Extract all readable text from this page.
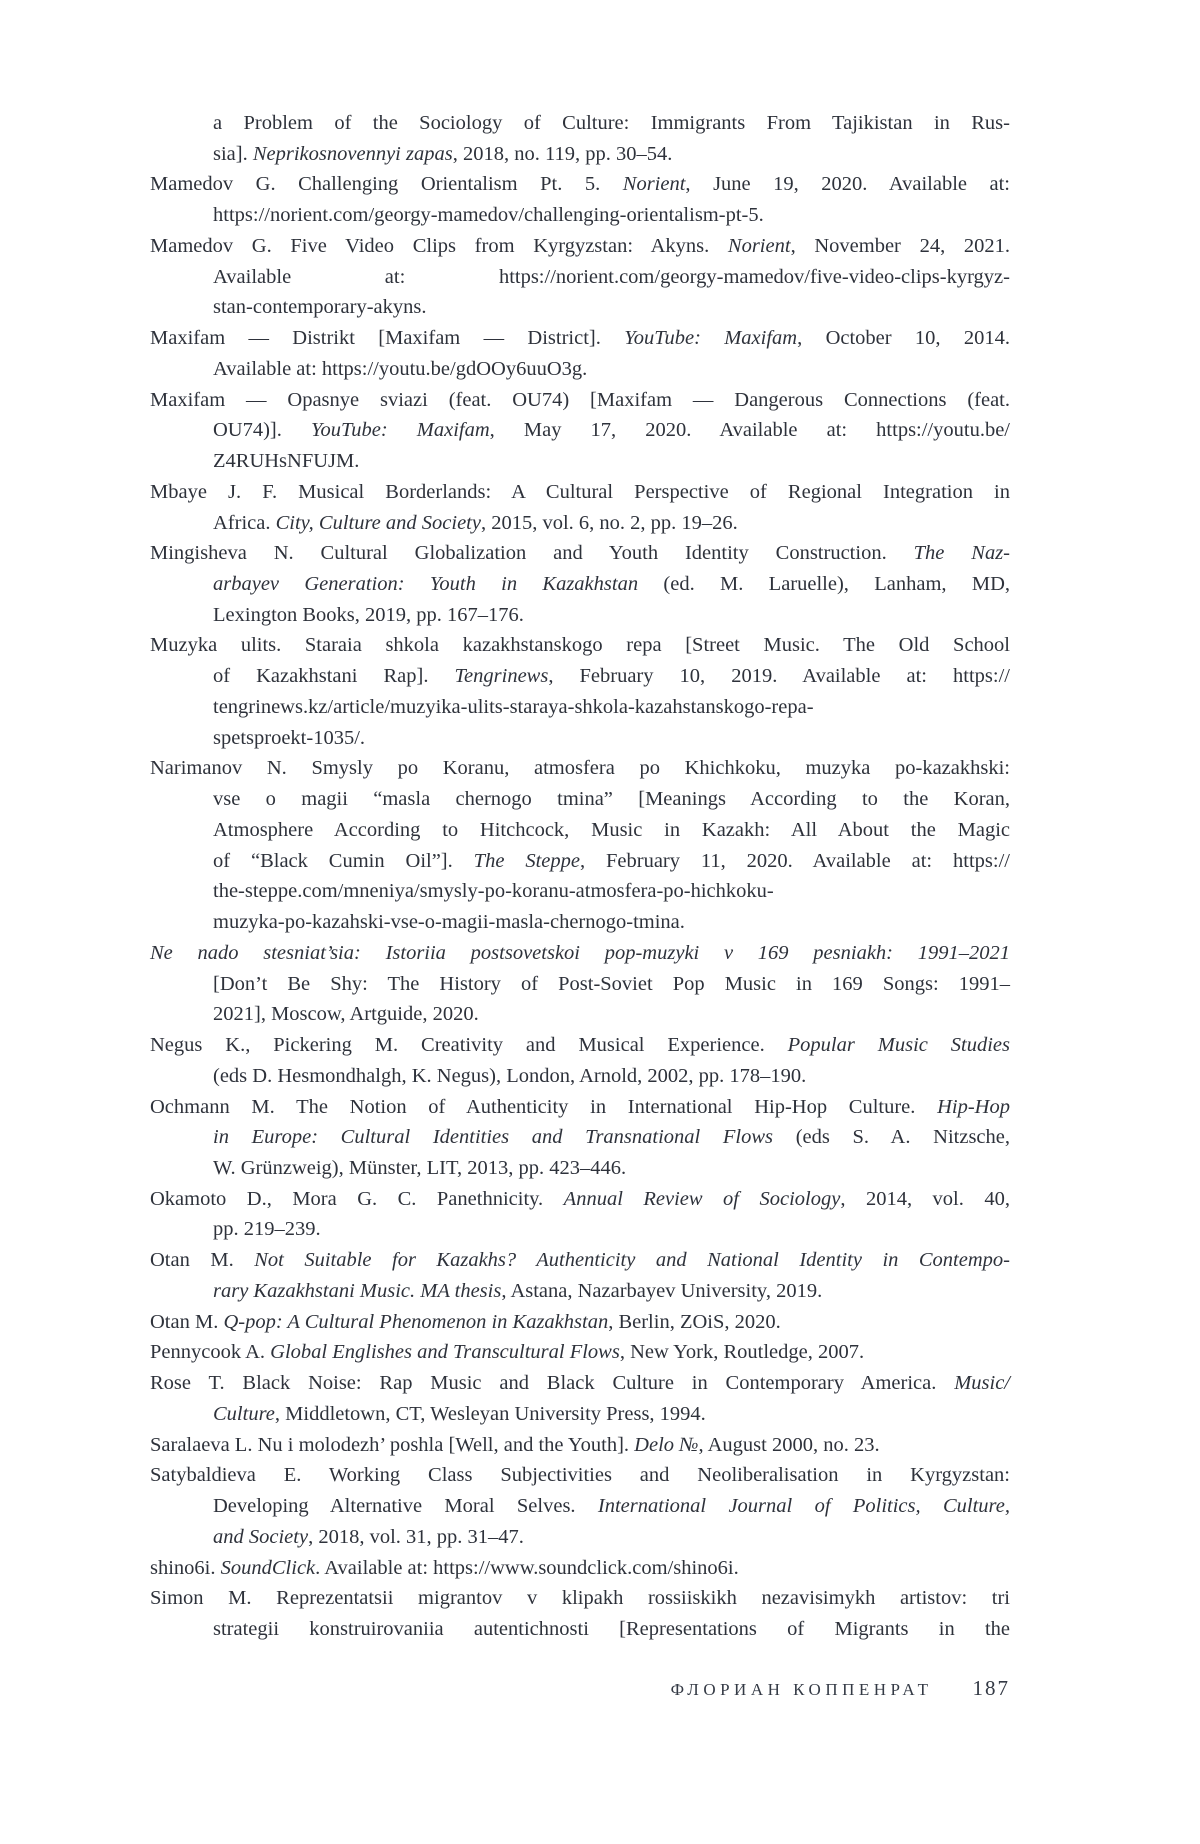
a Problem of the Sociology of Culture: Immigrants From Tajikistan in Rus-
sia]. Neprikosnovennyi zapas, 2018, no. 119, pp. 30–54.

Mamedov G. Challenging Orientalism Pt. 5. Norient, June 19, 2020. Available at:
https://norient.com/georgy-mamedov/challenging-orientalism-pt-5.

Mamedov G. Five Video Clips from Kyrgyzstan: Akyns. Norient, November 24, 2021.
Available at: https://norient.com/georgy-mamedov/five-video-clips-kyrgyz-
stan-contemporary-akyns.

Maxifam — Distrikt [Maxifam — District]. YouTube: Maxifam, October 10, 2014.
Available at: https://youtu.be/gdOOy6uuO3g.

Maxifam — Opasnye sviazi (feat. OU74) [Maxifam — Dangerous Connections (feat.
OU74)]. YouTube: Maxifam, May 17, 2020. Available at: https://youtu.be/
Z4RUHsNFUJM.

Mbaye J. F. Musical Borderlands: A Cultural Perspective of Regional Integration in
Africa. City, Culture and Society, 2015, vol. 6, no. 2, pp. 19–26.

Mingisheva N. Cultural Globalization and Youth Identity Construction. The Naz-
arbayev Generation: Youth in Kazakhstan (ed. M. Laruelle), Lanham, MD,
Lexington Books, 2019, pp. 167–176.

Muzyka ulits. Staraia shkola kazakhstanskogo repa [Street Music. The Old School
of Kazakhstani Rap]. Tengrinews, February 10, 2019. Available at: https://
tengrinews.kz/article/muzyika-ulits-staraya-shkola-kazahstanskogo-repa-
spetsproekt-1035/.

Narimanov N. Smysly po Koranu, atmosfera po Khichkoku, muzyka po-kazakhski:
vse o magii “masla chernogo tmina” [Meanings According to the Koran,
Atmosphere According to Hitchcock, Music in Kazakh: All About the Magic
of “Black Cumin Oil”]. The Steppe, February 11, 2020. Available at: https://
the-steppe.com/mneniya/smysly-po-koranu-atmosfera-po-hichkoku-
muzyka-po-kazahski-vse-o-magii-masla-chernogo-tmina.

Ne nado stesniat’sia: Istoriia postsovetskoi pop-muzyki v 169 pesniakh: 1991–2021
[Don’t Be Shy: The History of Post-Soviet Pop Music in 169 Songs: 1991–
2021], Moscow, Artguide, 2020.

Negus K., Pickering M. Creativity and Musical Experience. Popular Music Studies
(eds D. Hesmondhalgh, K. Negus), London, Arnold, 2002, pp. 178–190.

Ochmann M. The Notion of Authenticity in International Hip-Hop Culture. Hip-Hop
in Europe: Cultural Identities and Transnational Flows (eds S. A. Nitzsche,
W. Grünzweig), Münster, LIT, 2013, pp. 423–446.

Okamoto D., Mora G. C. Panethnicity. Annual Review of Sociology, 2014, vol. 40,
pp. 219–239.

Otan M. Not Suitable for Kazakhs? Authenticity and National Identity in Contempo-
rary Kazakhstani Music. MA thesis, Astana, Nazarbayev University, 2019.

Otan M. Q-pop: A Cultural Phenomenon in Kazakhstan, Berlin, ZOiS, 2020.

Pennycook A. Global Englishes and Transcultural Flows, New York, Routledge, 2007.

Rose T. Black Noise: Rap Music and Black Culture in Contemporary America. Music/
Culture, Middletown, CT, Wesleyan University Press, 1994.

Saralaeva L. Nu i molodezh’ poshla [Well, and the Youth]. Delo №, August 2000, no. 23.

Satybaldieva E. Working Class Subjectivities and Neoliberalisation in Kyrgyzstan:
Developing Alternative Moral Selves. International Journal of Politics, Culture,
and Society, 2018, vol. 31, pp. 31–47.

shino6i. SoundClick. Available at: https://www.soundclick.com/shino6i.

Simon M. Reprezentatsii migrantov v klipakh rossiiskikh nezavisimykh artistov: tri
strategii konstruirovaniia autentichnosti [Representations of Migrants in the

ФЛОРИАН КОППЕНРАТ 187
